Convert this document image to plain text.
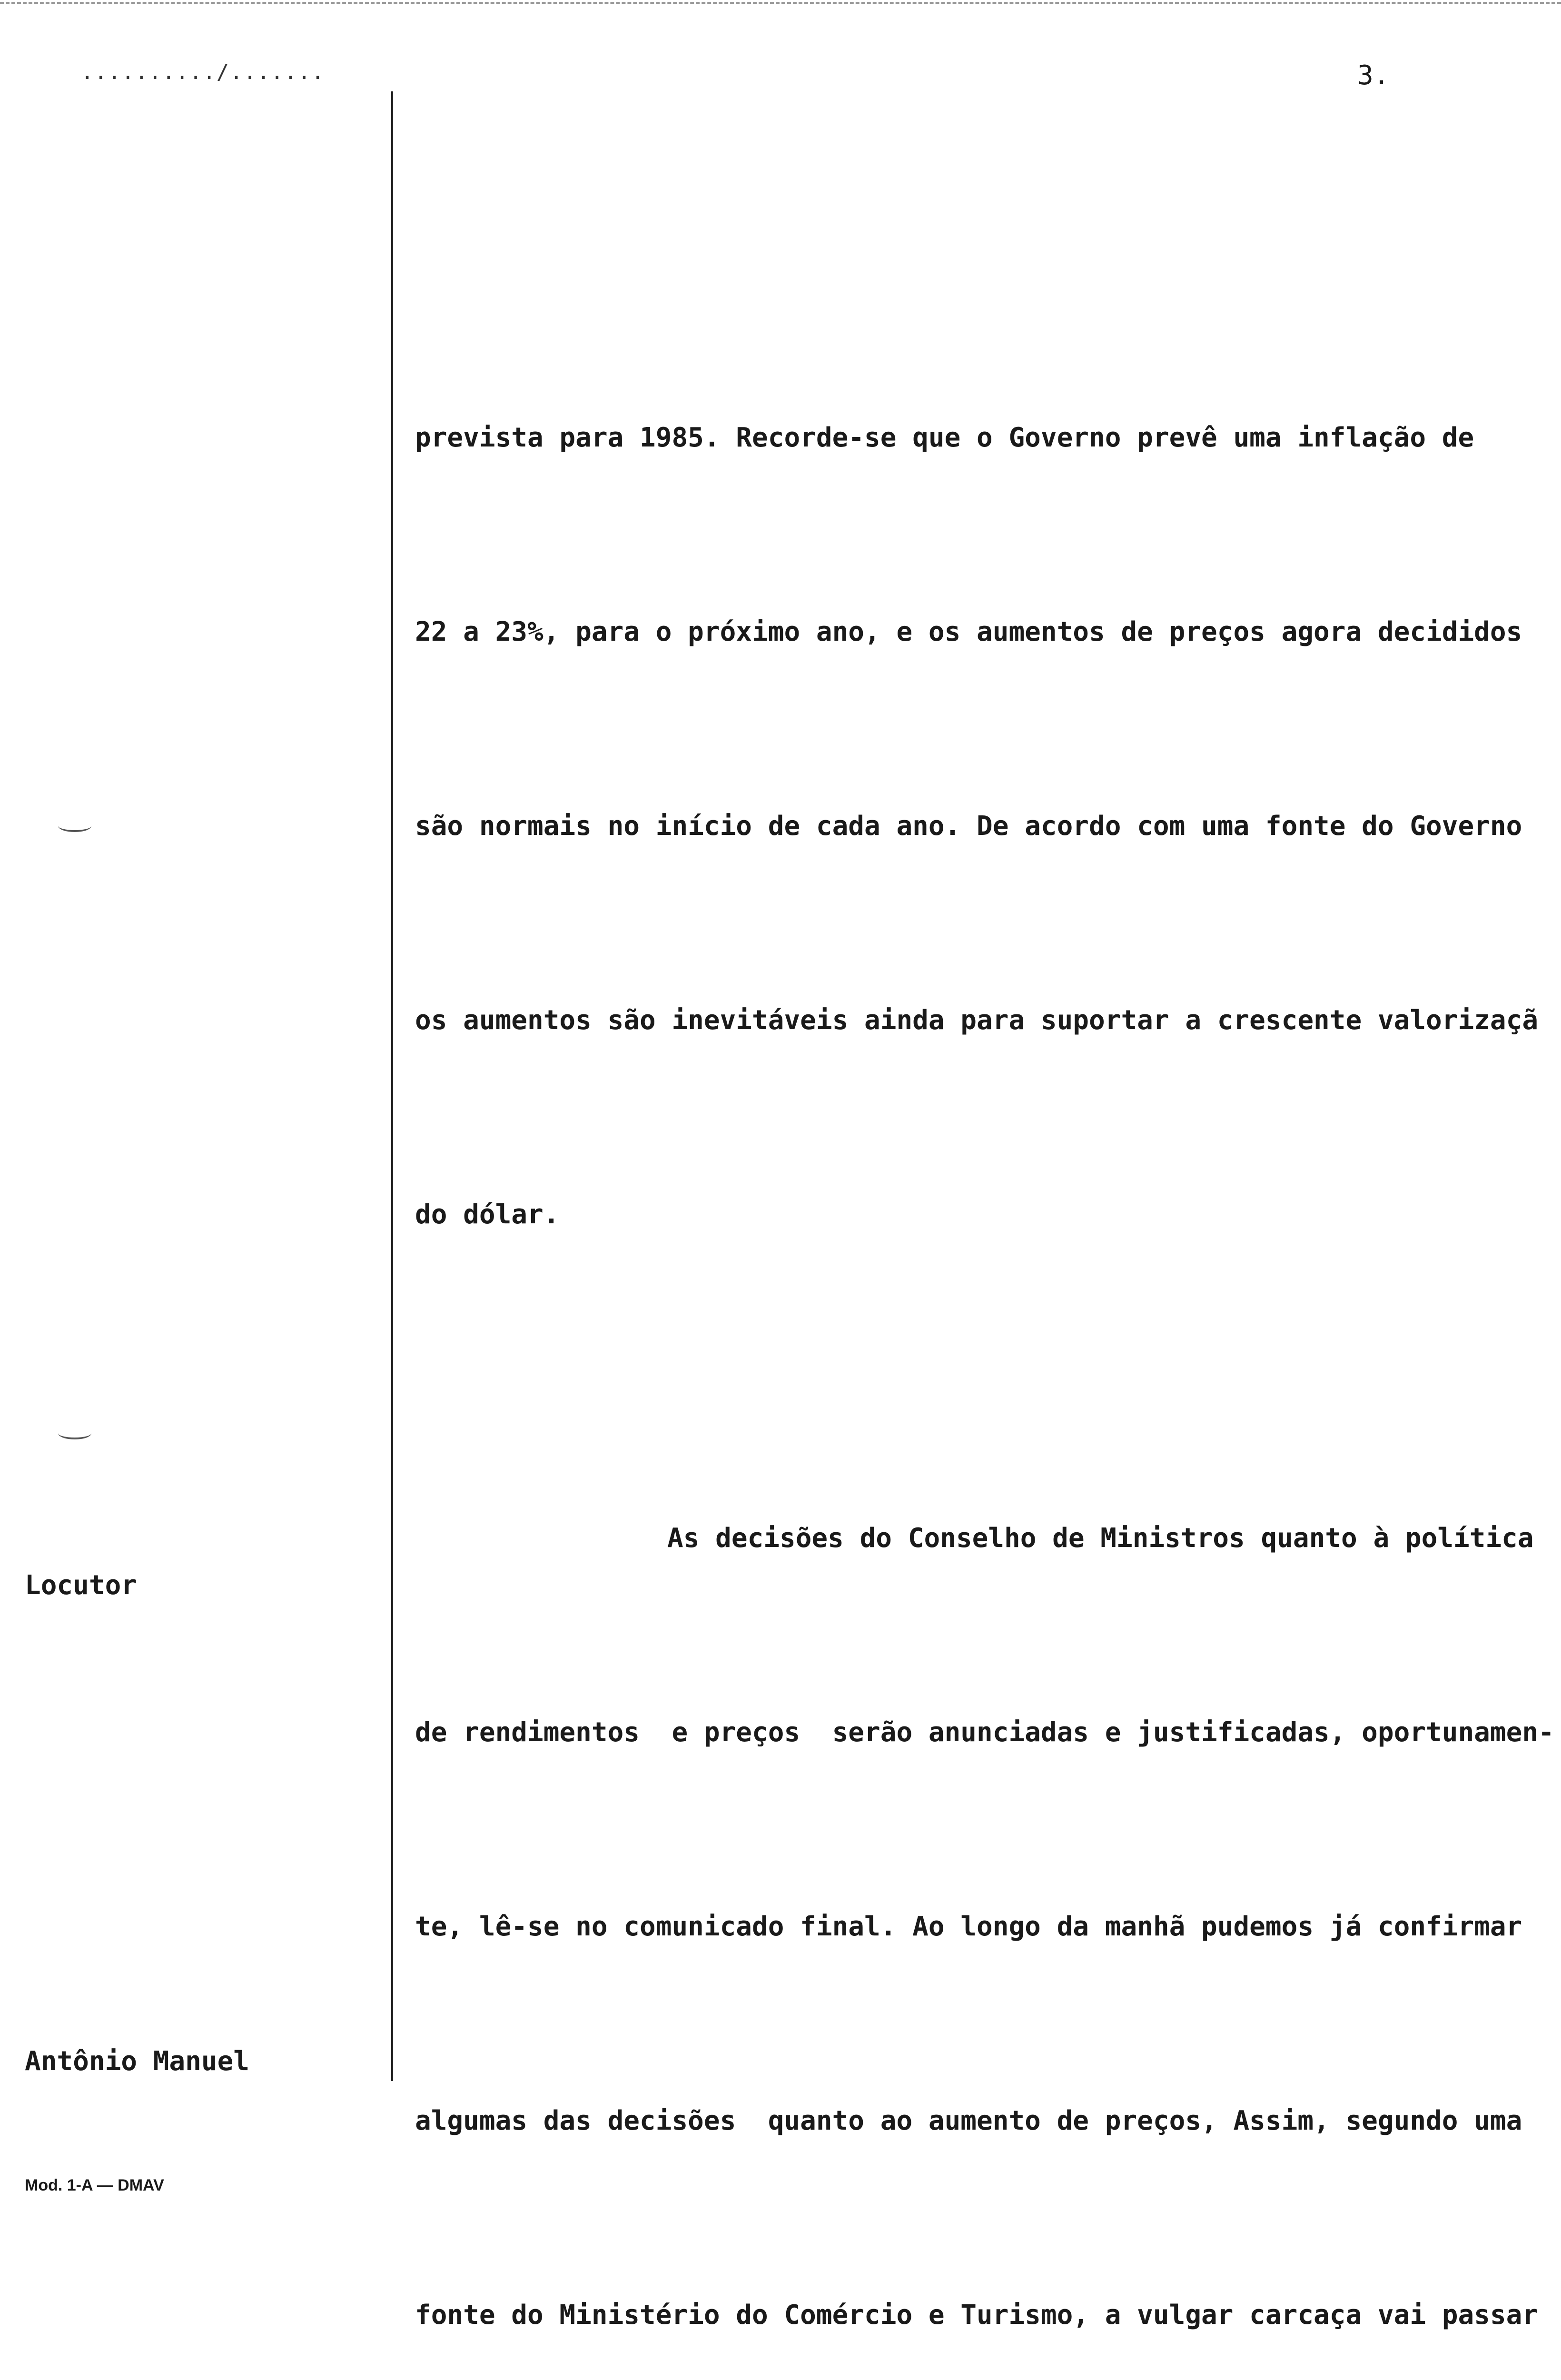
........../.......	3.
Locutor
Antônio Manuel

prevista para 1985. Recorde-se que o Governo prevê uma inflação de

22 a 23%, para o próximo ano, e os aumentos de preços agora decididos

são normais no início de cada ano. De acordo com uma fonte do Governo

os aumentos são inevitáveis ainda para suportar a crescente valorizaçã

do dólar.

As decisões do Conselho de Ministros quanto à política

de rendimentos  e preços  serão anunciadas e justificadas, oportunamen-

te, lê-se no comunicado final. Ao longo da manhã pudemos já confirmar

algumas das decisões  quanto ao aumento de preços, Assim, segundo uma

fonte do Ministério do Comércio e Turismo, a vulgar carcaça vai passar

Mod. 1-A — DMAV
